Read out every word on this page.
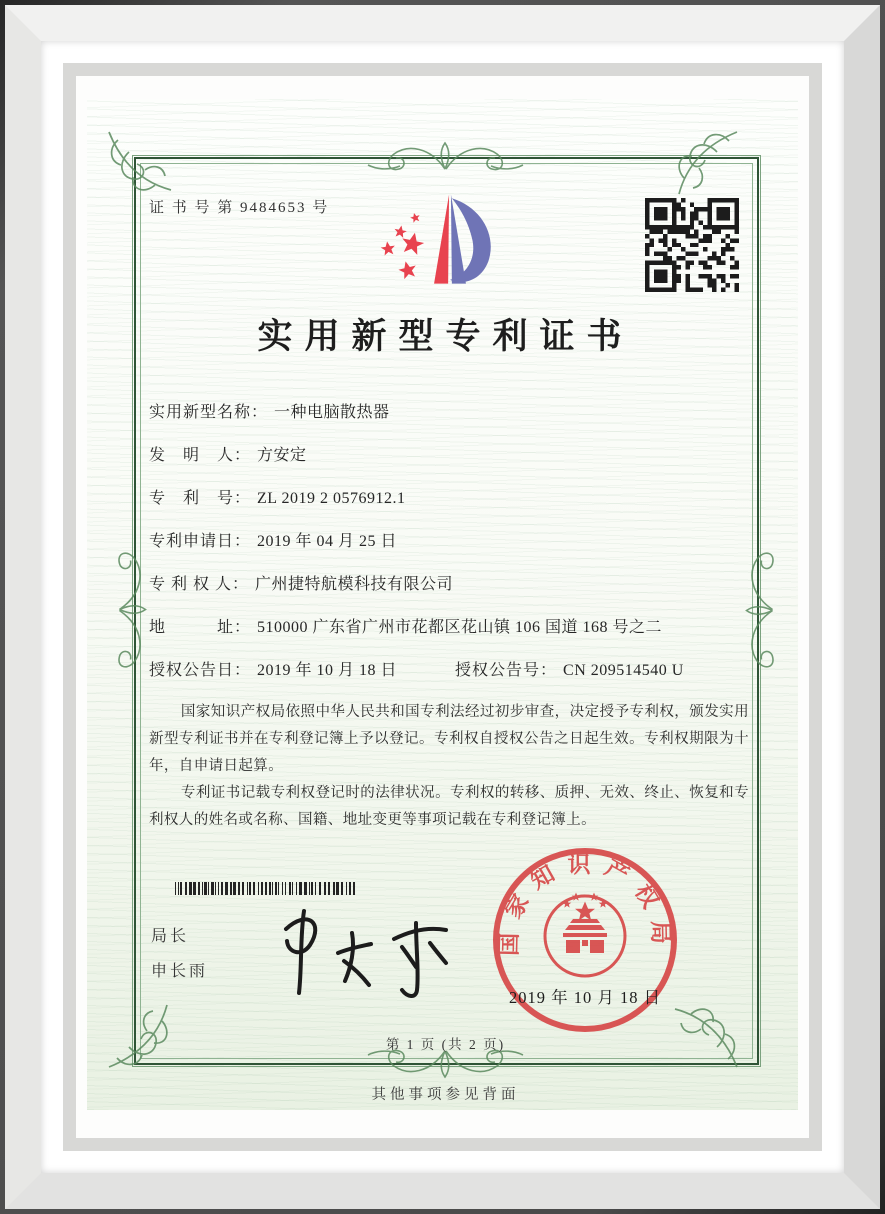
证 书 号 第 9484653 号
实用新型专利证书
实用新型名称： 一种电脑散热器
发　明　人： 方安定
专　利　号： ZL 2019 2 0576912.1
专利申请日： 2019 年 04 月 25 日
专 利 权 人： 广州捷特航模科技有限公司
地　　　址： 510000 广东省广州市花都区花山镇 106 国道 168 号之二
授权公告日： 2019 年 10 月 18 日	授权公告号： CN 209514540 U

国家知识产权局依照中华人民共和国专利法经过初步审查，决定授予专利权，颁发实用新型专利证书并在专利登记簿上予以登记。专利权自授权公告之日起生效。专利权期限为十年，自申请日起算。

专利证书记载专利权登记时的法律状况。专利权的转移、质押、无效、终止、恢复和专利权人的姓名或名称、国籍、地址变更等事项记载在专利登记簿上。

局长
申长雨
国家知识产权局
2019 年 10 月 18 日
第 1 页 (共 2 页)
其他事项参见背面
